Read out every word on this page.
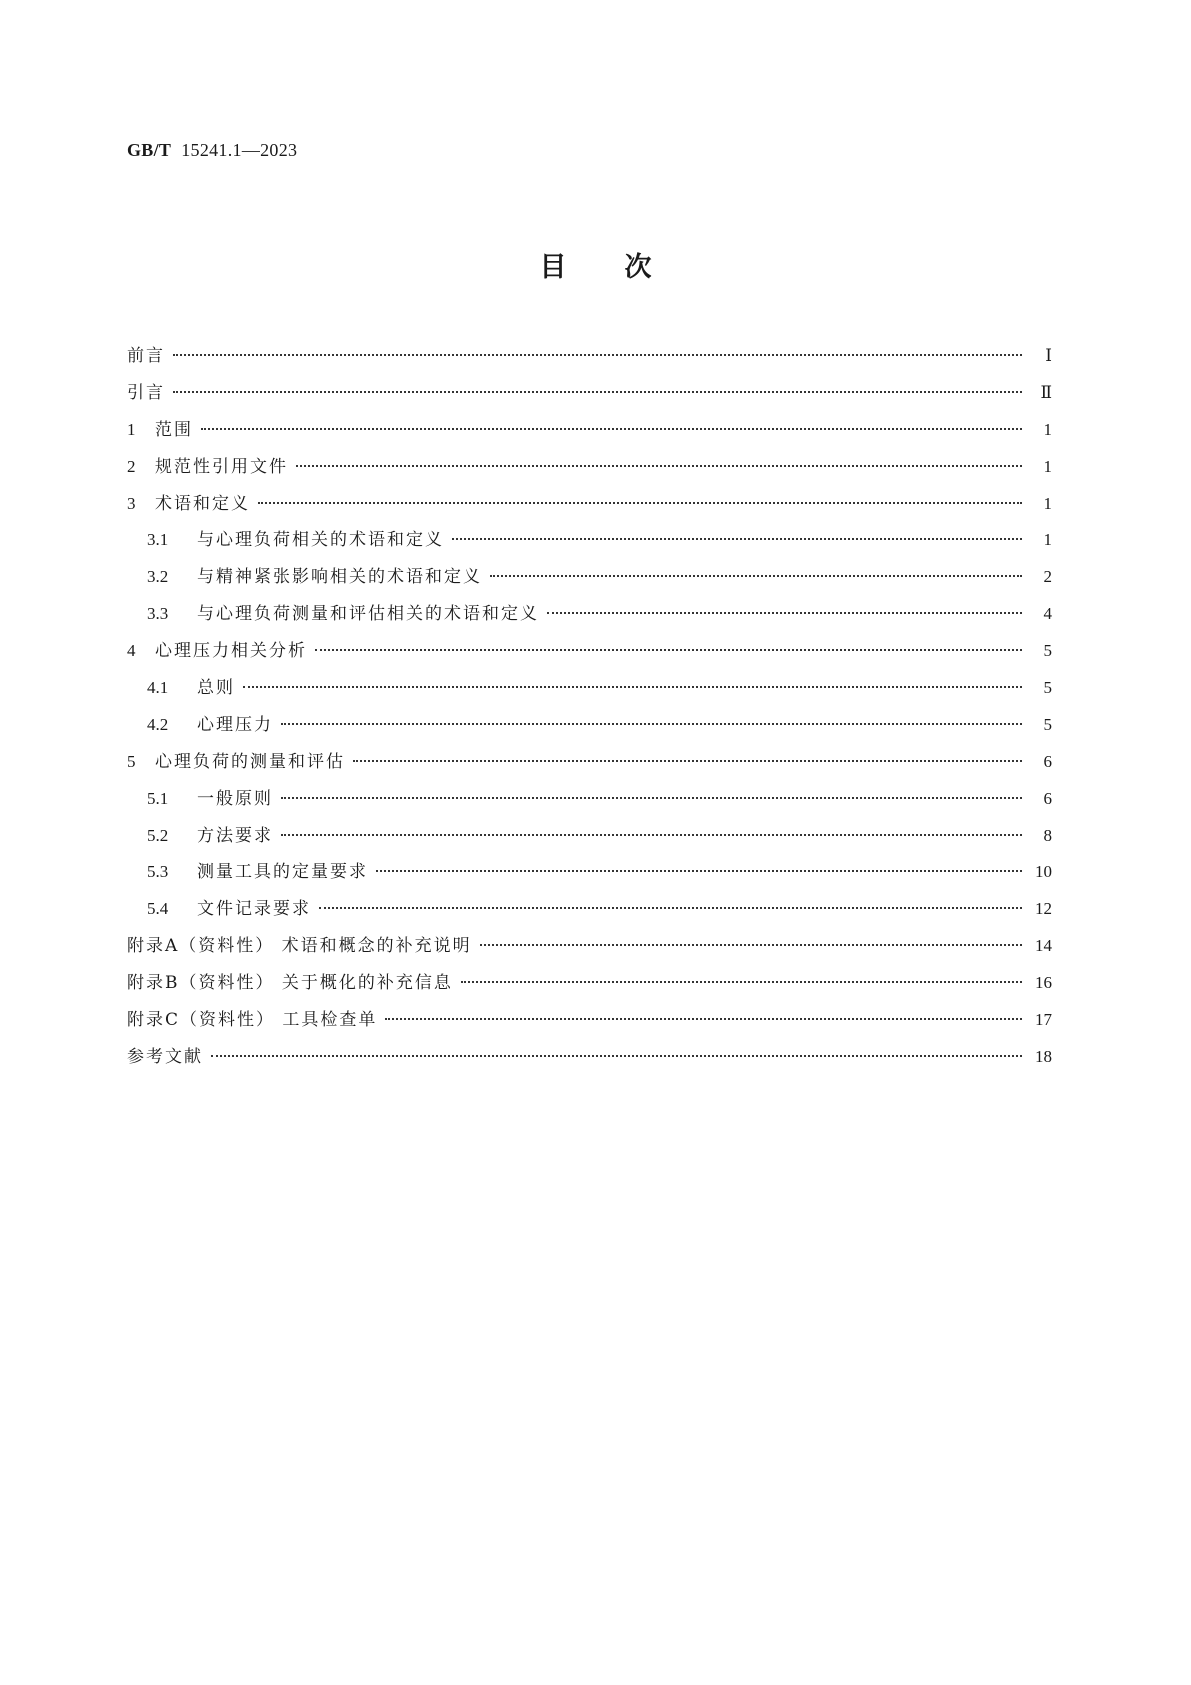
GB/T 15241.1—2023
目次
前言	Ⅰ
引言	Ⅱ
1	范围	1
2	规范性引用文件	1
3	术语和定义	1
3.1	与心理负荷相关的术语和定义	1
3.2	与精神紧张影响相关的术语和定义	2
3.3	与心理负荷测量和评估相关的术语和定义	4
4	心理压力相关分析	5
4.1	总则	5
4.2	心理压力	5
5	心理负荷的测量和评估	6
5.1	一般原则	6
5.2	方法要求	8
5.3	测量工具的定量要求	10
5.4	文件记录要求	12
附录A（资料性） 术语和概念的补充说明	14
附录B（资料性） 关于概化的补充信息	16
附录C（资料性） 工具检查单	17
参考文献	18
